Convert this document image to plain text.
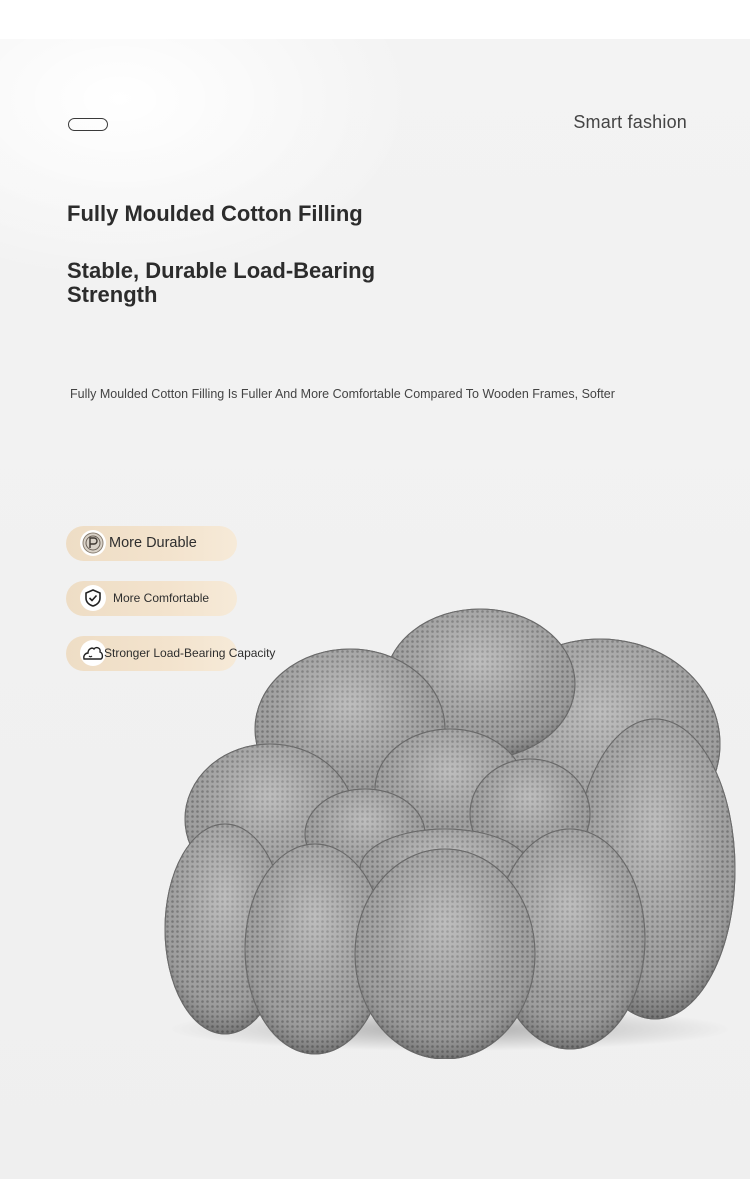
Smart fashion
Fully Moulded Cotton Filling
Stable, Durable Load-Bearing Strength
Fully Moulded Cotton Filling Is Fuller And More Comfortable Compared To Wooden Frames, Softer
More Durable
More Comfortable
Stronger Load-Bearing Capacity
